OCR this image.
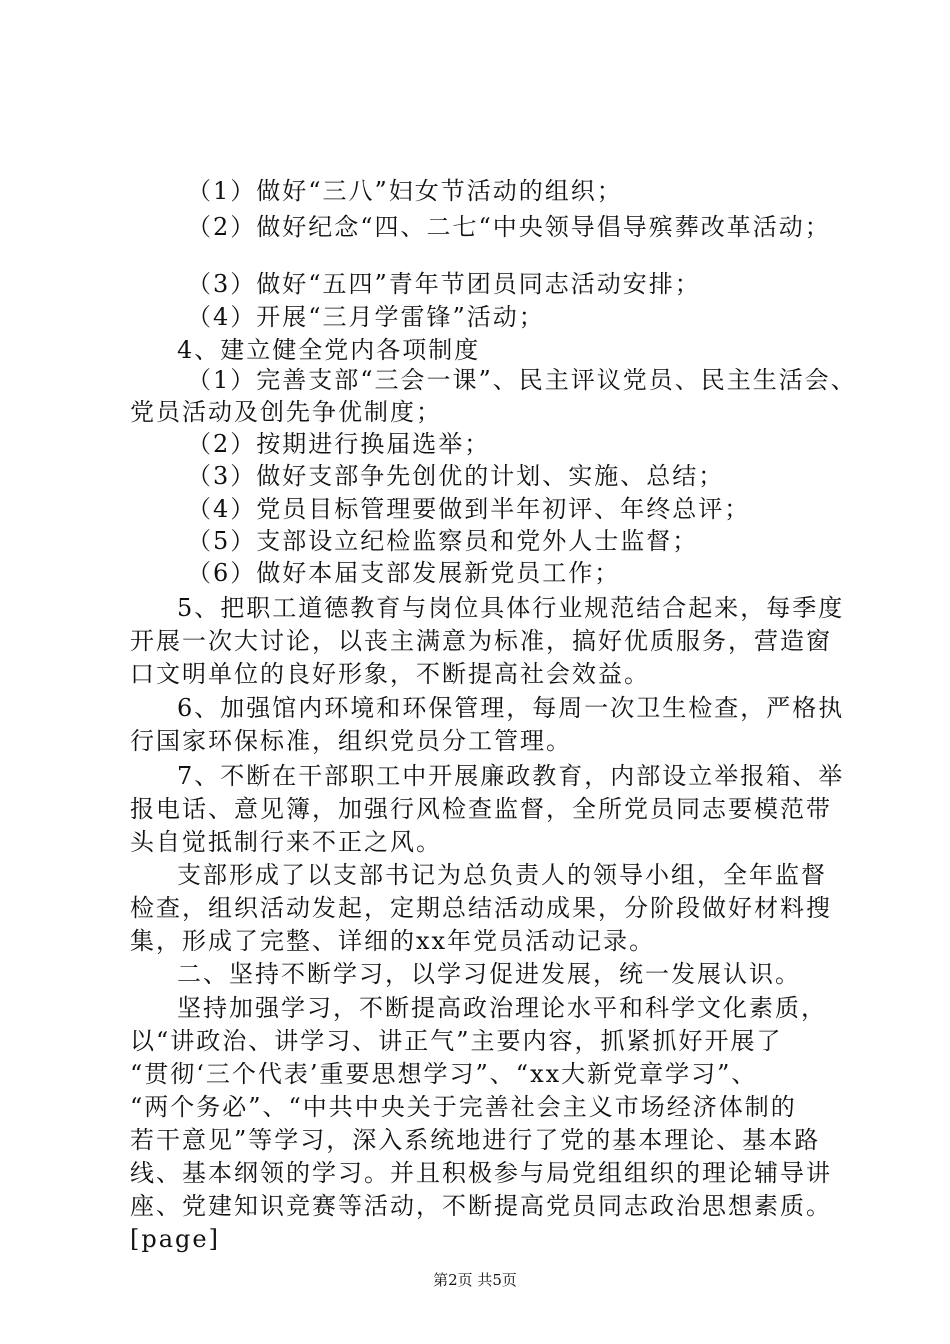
（1）做好“三八”妇女节活动的组织；
（2）做好纪念“四、二七“中央领导倡导殡葬改革活动；
（3）做好“五四”青年节团员同志活动安排；
（4）开展“三月学雷锋”活动；
4、建立健全党内各项制度
（1）完善支部“三会一课”、民主评议党员、民主生活会、
党员活动及创先争优制度；
（2）按期进行换届选举；
（3）做好支部争先创优的计划、实施、总结；
（4）党员目标管理要做到半年初评、年终总评；
（5）支部设立纪检监察员和党外人士监督；
（6）做好本届支部发展新党员工作；
5、把职工道德教育与岗位具体行业规范结合起来，每季度
开展一次大讨论，以丧主满意为标准，搞好优质服务，营造窗
口文明单位的良好形象，不断提高社会效益。
6、加强馆内环境和环保管理，每周一次卫生检查，严格执
行国家环保标准，组织党员分工管理。
7、不断在干部职工中开展廉政教育，内部设立举报箱、举
报电话、意见簿，加强行风检查监督，全所党员同志要模范带
头自觉抵制行来不正之风。
支部形成了以支部书记为总负责人的领导小组，全年监督
检查，组织活动发起，定期总结活动成果，分阶段做好材料搜
集，形成了完整、详细的xx年党员活动记录。
二、坚持不断学习，以学习促进发展，统一发展认识。
坚持加强学习，不断提高政治理论水平和科学文化素质，
以“讲政治、讲学习、讲正气”主要内容，抓紧抓好开展了
“贯彻‘三个代表’重要思想学习”、“xx大新党章学习”、
“两个务必”、“中共中央关于完善社会主义市场经济体制的
若干意见”等学习，深入系统地进行了党的基本理论、基本路
线、基本纲领的学习。并且积极参与局党组组织的理论辅导讲
座、党建知识竞赛等活动，不断提高党员同志政治思想素质。
[page]
第2页 共5页
